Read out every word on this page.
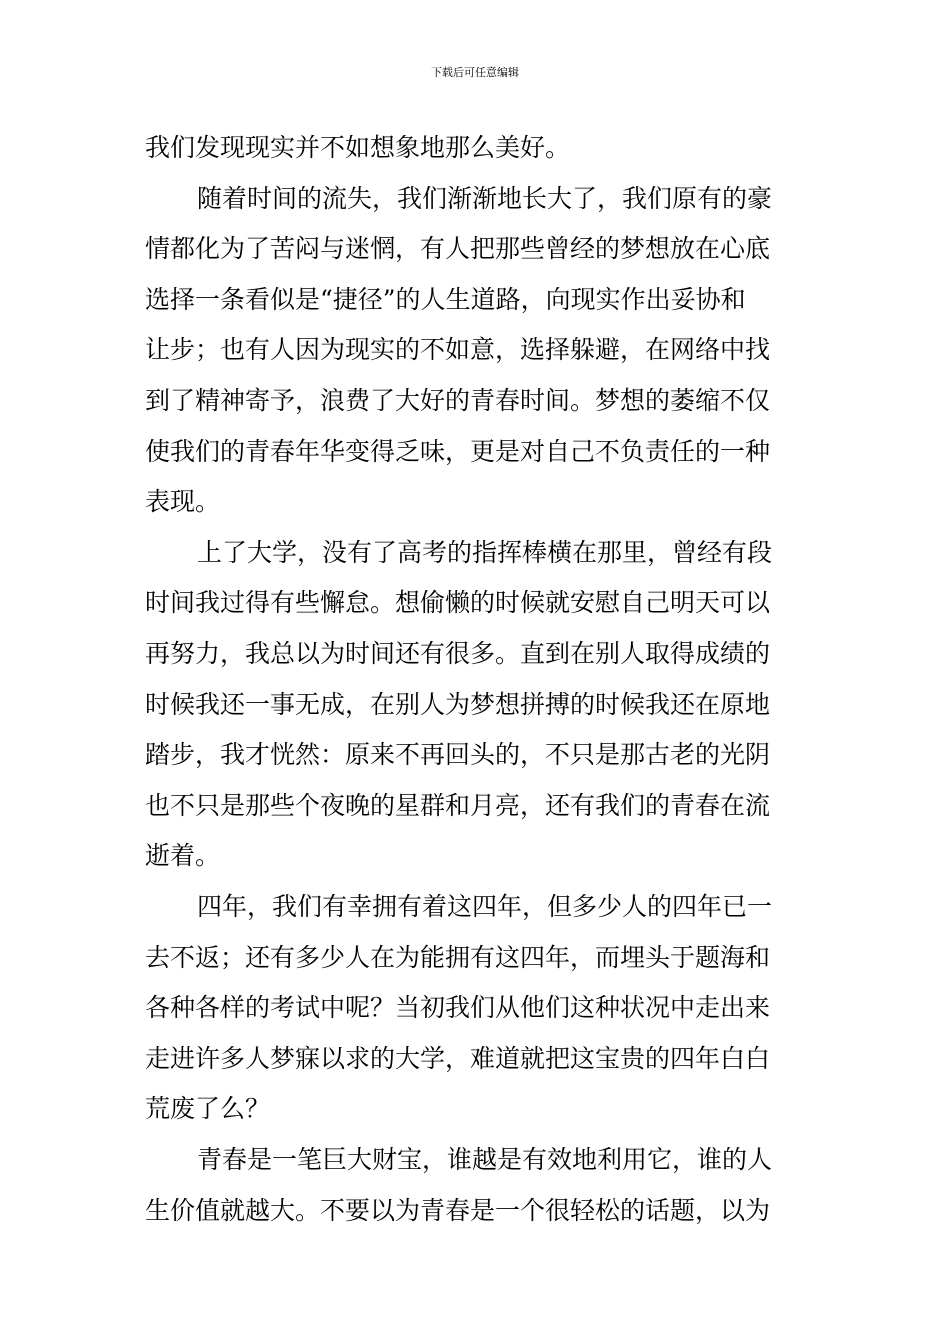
下载后可任意编辑
我们发现现实并不如想象地那么美好。
随着时间的流失，我们渐渐地长大了，我们原有的豪
情都化为了苦闷与迷惘，有人把那些曾经的梦想放在心底
选择一条看似是“捷径”的人生道路，向现实作出妥协和
让步；也有人因为现实的不如意，选择躲避，在网络中找
到了精神寄予，浪费了大好的青春时间。梦想的萎缩不仅
使我们的青春年华变得乏味，更是对自己不负责任的一种
表现。
上了大学，没有了高考的指挥棒横在那里，曾经有段
时间我过得有些懈怠。想偷懒的时候就安慰自己明天可以
再努力，我总以为时间还有很多。直到在别人取得成绩的
时候我还一事无成，在别人为梦想拼搏的时候我还在原地
踏步，我才恍然：原来不再回头的，不只是那古老的光阴
也不只是那些个夜晚的星群和月亮，还有我们的青春在流
逝着。
四年，我们有幸拥有着这四年，但多少人的四年已一
去不返；还有多少人在为能拥有这四年，而埋头于题海和
各种各样的考试中呢？当初我们从他们这种状况中走出来
走进许多人梦寐以求的大学，难道就把这宝贵的四年白白
荒废了么？
青春是一笔巨大财宝，谁越是有效地利用它，谁的人
生价值就越大。不要以为青春是一个很轻松的话题，以为
